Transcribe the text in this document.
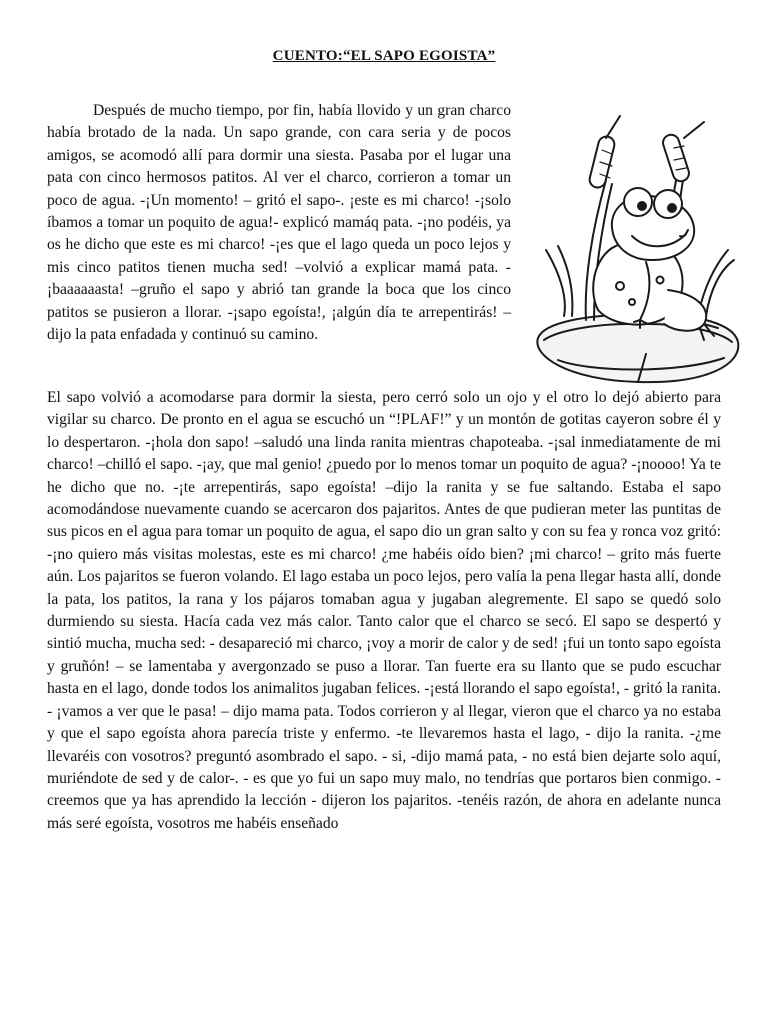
CUENTO:“EL SAPO EGOISTA”

Después de mucho tiempo, por fin, había llovido y un gran charco había brotado de la nada. Un sapo grande, con cara seria y de pocos amigos, se acomodó allí para dormir una siesta. Pasaba por el lugar una pata con cinco hermosos patitos. Al ver el charco, corrieron a tomar un poco de agua. -¡Un momento! – gritó el sapo-. ¡este es mi charco! -¡solo íbamos a tomar un poquito de agua!- explicó mamáq pata. -¡no podéis, ya os he dicho que este es mi charco! -¡es que el lago queda un poco lejos y mis cinco patitos tienen mucha sed! –volvió a explicar mamá pata. -¡baaaaaasta! –gruño el sapo y abrió tan grande la boca que los cinco patitos se pusieron a llorar. -¡sapo egoísta!, ¡algún día te arrepentirás! –dijo la pata enfadada y continuó su camino.

El sapo volvió a acomodarse para dormir la siesta, pero cerró solo un ojo y el otro lo dejó abierto para vigilar su charco. De pronto en el agua se escuchó un “!PLAF!” y un montón de gotitas cayeron sobre él y lo despertaron. -¡hola don sapo! –saludó una linda ranita mientras chapoteaba. -¡sal inmediatamente de mi charco! –chilló el sapo. -¡ay, que mal genio! ¿puedo por lo menos tomar un poquito de agua? -¡noooo! Ya te he dicho que no. -¡te arrepentirás, sapo egoísta! –dijo la ranita y se fue saltando. Estaba el sapo acomodándose nuevamente cuando se acercaron dos pajaritos. Antes de que pudieran meter las puntitas de sus picos en el agua para tomar un poquito de agua, el sapo dio un gran salto y con su fea y ronca voz gritó: -¡no quiero más visitas molestas, este es mi charco! ¿me habéis oído bien? ¡mi charco! – grito más fuerte aún. Los pajaritos se fueron volando. El lago estaba un poco lejos, pero valía la pena llegar hasta allí, donde la pata, los patitos, la rana y los pájaros tomaban agua y jugaban alegremente. El sapo se quedó solo durmiendo su siesta. Hacía cada vez más calor. Tanto calor que el charco se secó. El sapo se despertó y sintió mucha, mucha sed: - desapareció mi charco, ¡voy a morir de calor y de sed! ¡fui un tonto sapo egoísta y gruñón! – se lamentaba y avergonzado se puso a llorar. Tan fuerte era su llanto que se pudo escuchar hasta en el lago, donde todos los animalitos jugaban felices. -¡está llorando el sapo egoísta!, - gritó la ranita. - ¡vamos a ver que le pasa! – dijo mama pata. Todos corrieron y al llegar, vieron que el charco ya no estaba y que el sapo egoísta ahora parecía triste y enfermo. -te llevaremos hasta el lago, - dijo la ranita. -¿me llevaréis con vosotros? preguntó asombrado el sapo. - si, -dijo mamá pata, - no está bien dejarte solo aquí, muriéndote de sed y de calor-. - es que yo fui un sapo muy malo, no tendrías que portaros bien conmigo. - creemos que ya has aprendido la lección - dijeron los pajaritos. -tenéis razón, de ahora en adelante nunca más seré egoísta, vosotros me habéis enseñado
